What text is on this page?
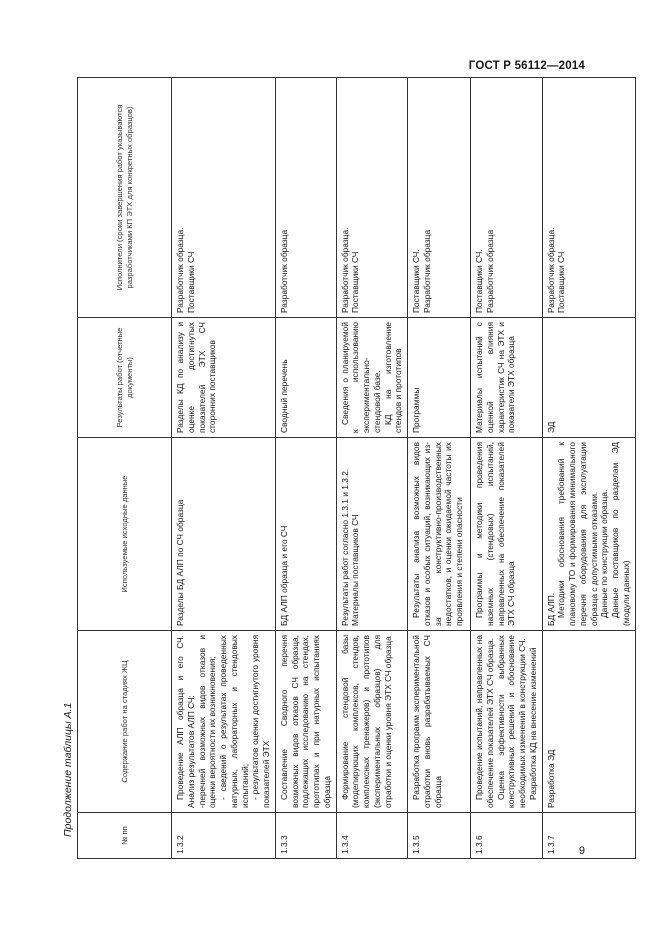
ГОСТ Р 56112—2014
Продолжение таблицы А.1	№ пп	Содержание работ на стадиях ЖЦ	Используемые исходные данные	Результаты работ (отчетные документы)	Исполнители (сроки завершения работ указываются разработчиками КП ЭТХ для конкретных образцов)
1.3.2	Проведение АЛП образца и его СЧ. Анализ результатов АЛП СЧ: -перечней возможных видов отказов и оценки вероятности их возникновения; - сведений о результатах проведенных натурных, лабораторных и стендовых испытаний; - результатов оценки достигнутого уровня показателей ЭТХ	Разделы БД АЛП по СЧ образца	Разделы КД по анализу и оценке достигнутых показателей ЭТХ СЧ сторонних поставщиков	Разработчик образца. Поставщики СЧ

1.3.3	Составление Сводного перечня возможных видов отказов СЧ образца, подлежащих исследованию на стендах, прототипах и при натурных испытаниях образца	БД АЛП образца и его СЧ	Сводный перечень	Разработчик образца

1.3.4	Формирование стендовой базы (моделирующих комплексов, стендов, комплексных тренажеров) и прототипов (экспериментальных образцов) для отработки и оценки уровня ЭТХ СЧ образца	Результаты работ согласно 1.3.1 и 1.3.2. Материалы поставщиков СЧ	Сведения о планируемой к использованию экспериментально-стендовой базе. КД на изготовление стендов и прототипов	Разработчик образца. Поставщики СЧ

1.3.5	Разработка программ экспериментальной отработки вновь разрабатываемых СЧ образца	Результаты анализа возможных видов отказов и особых ситуаций, возникающих из-за конструктивно-производственных недостатков, и оценки ожидаемой частоты их проявления и степени опасности	Программы	Поставщики СЧ. Разработчик образца

1.3.6	Проведение испытаний, направленных на обеспечение показателей ЭТХ СЧ образца. Оценка эффективности выбранных конструктивных решений и обоснование необходимых изменений в конструкции СЧ. Разработка КД на внесение изменений	Программы и методики проведения наземных (стендовых) испытаний, направленных на обеспечение показателей ЭТХ СЧ образца	Материалы испытаний с оценкой влияния характеристик СЧ на ЭТХ и показатели ЭТХ образца	Поставщики СЧ. Разработчик образца

1.3.7	Разработка ЭД	БД АЛП. Методики обоснования требований к плановому ТО и формирования минимального перечня оборудования для эксплуатации образца с допустимыми отказами. Данные по конструкции образца. Данные поставщиков по разделам ЭД (модули данных)	ЭД	Разработчик образца. Поставщики СЧ
9
